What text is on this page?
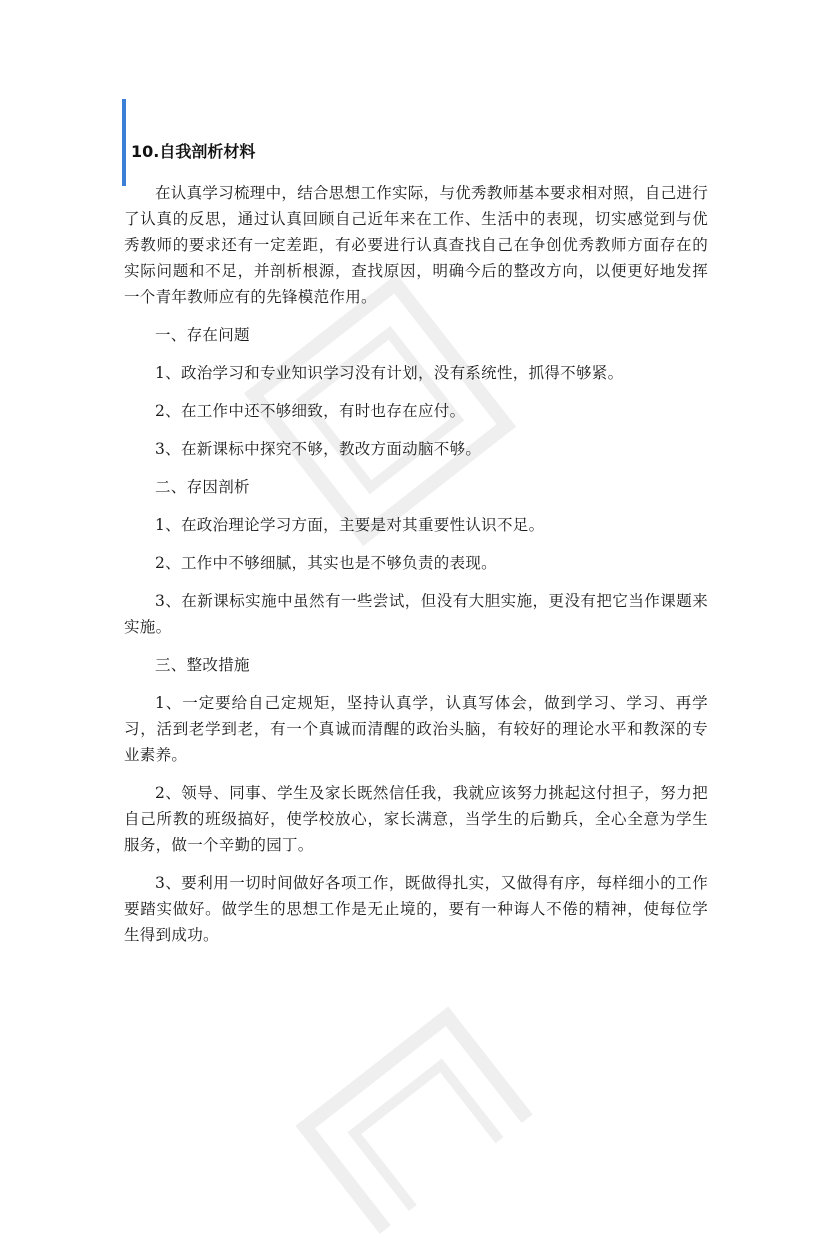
10.自我剖析材料

在认真学习梳理中，结合思想工作实际，与优秀教师基本要求相对照，自己进行了认真的反思，通过认真回顾自己近年来在工作、生活中的表现，切实感觉到与优秀教师的要求还有一定差距，有必要进行认真查找自己在争创优秀教师方面存在的实际问题和不足，并剖析根源，查找原因，明确今后的整改方向，以便更好地发挥一个青年教师应有的先锋模范作用。

一、存在问题

1、政治学习和专业知识学习没有计划，没有系统性，抓得不够紧。

2、在工作中还不够细致，有时也存在应付。

3、在新课标中探究不够，教改方面动脑不够。

二、存因剖析

1、在政治理论学习方面，主要是对其重要性认识不足。

2、工作中不够细腻，其实也是不够负责的表现。

3、在新课标实施中虽然有一些尝试，但没有大胆实施，更没有把它当作课题来实施。

三、整改措施

1、一定要给自己定规矩，坚持认真学，认真写体会，做到学习、学习、再学习，活到老学到老，有一个真诚而清醒的政治头脑，有较好的理论水平和教深的专业素养。

2、领导、同事、学生及家长既然信任我，我就应该努力挑起这付担子，努力把自己所教的班级搞好，使学校放心，家长满意，当学生的后勤兵，全心全意为学生服务，做一个辛勤的园丁。

3、要利用一切时间做好各项工作，既做得扎实，又做得有序，每样细小的工作要踏实做好。做学生的思想工作是无止境的，要有一种诲人不倦的精神，使每位学生得到成功。
